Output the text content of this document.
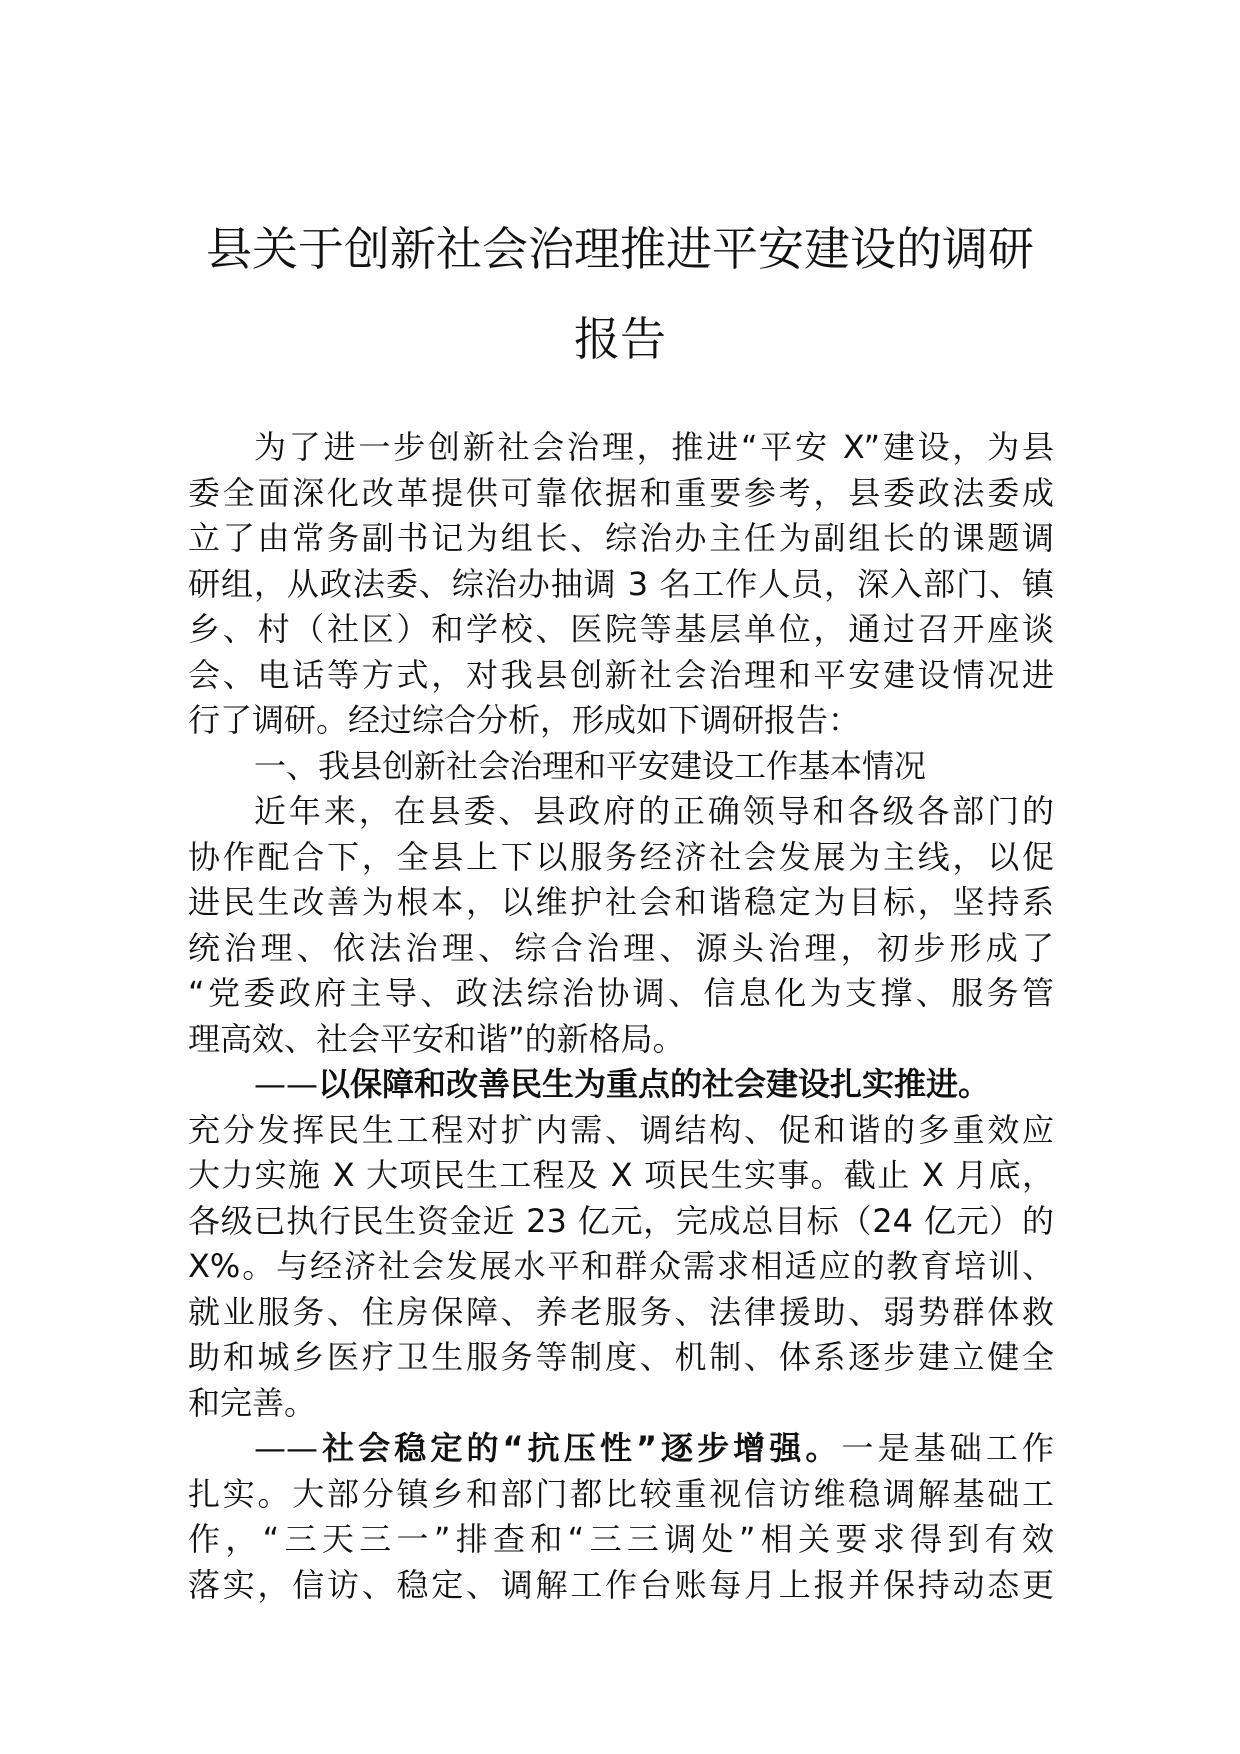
县关于创新社会治理推进平安建设的调研
报告
为了进一步创新社会治理，推进“平安 X”建设，为县
委全面深化改革提供可靠依据和重要参考，县委政法委成
立了由常务副书记为组长、综治办主任为副组长的课题调
研组，从政法委、综治办抽调 3 名工作人员，深入部门、镇
乡、村（社区）和学校、医院等基层单位，通过召开座谈
会、电话等方式，对我县创新社会治理和平安建设情况进
行了调研。经过综合分析，形成如下调研报告：
一、我县创新社会治理和平安建设工作基本情况
近年来，在县委、县政府的正确领导和各级各部门的
协作配合下，全县上下以服务经济社会发展为主线，以促
进民生改善为根本，以维护社会和谐稳定为目标，坚持系
统治理、依法治理、综合治理、源头治理，初步形成了
“党委政府主导、政法综治协调、信息化为支撑、服务管
理高效、社会平安和谐”的新格局。
——以保障和改善民生为重点的社会建设扎实推进。
充分发挥民生工程对扩内需、调结构、促和谐的多重效应
大力实施 X 大项民生工程及 X 项民生实事。截止 X 月底，
各级已执行民生资金近 23 亿元，完成总目标（24 亿元）的
X%。与经济社会发展水平和群众需求相适应的教育培训、
就业服务、住房保障、养老服务、法律援助、弱势群体救
助和城乡医疗卫生服务等制度、机制、体系逐步建立健全
和完善。
——社会稳定的“抗压性”逐步增强。一是基础工作
扎实。大部分镇乡和部门都比较重视信访维稳调解基础工
作，“三天三一”排查和“三三调处”相关要求得到有效
落实，信访、稳定、调解工作台账每月上报并保持动态更
